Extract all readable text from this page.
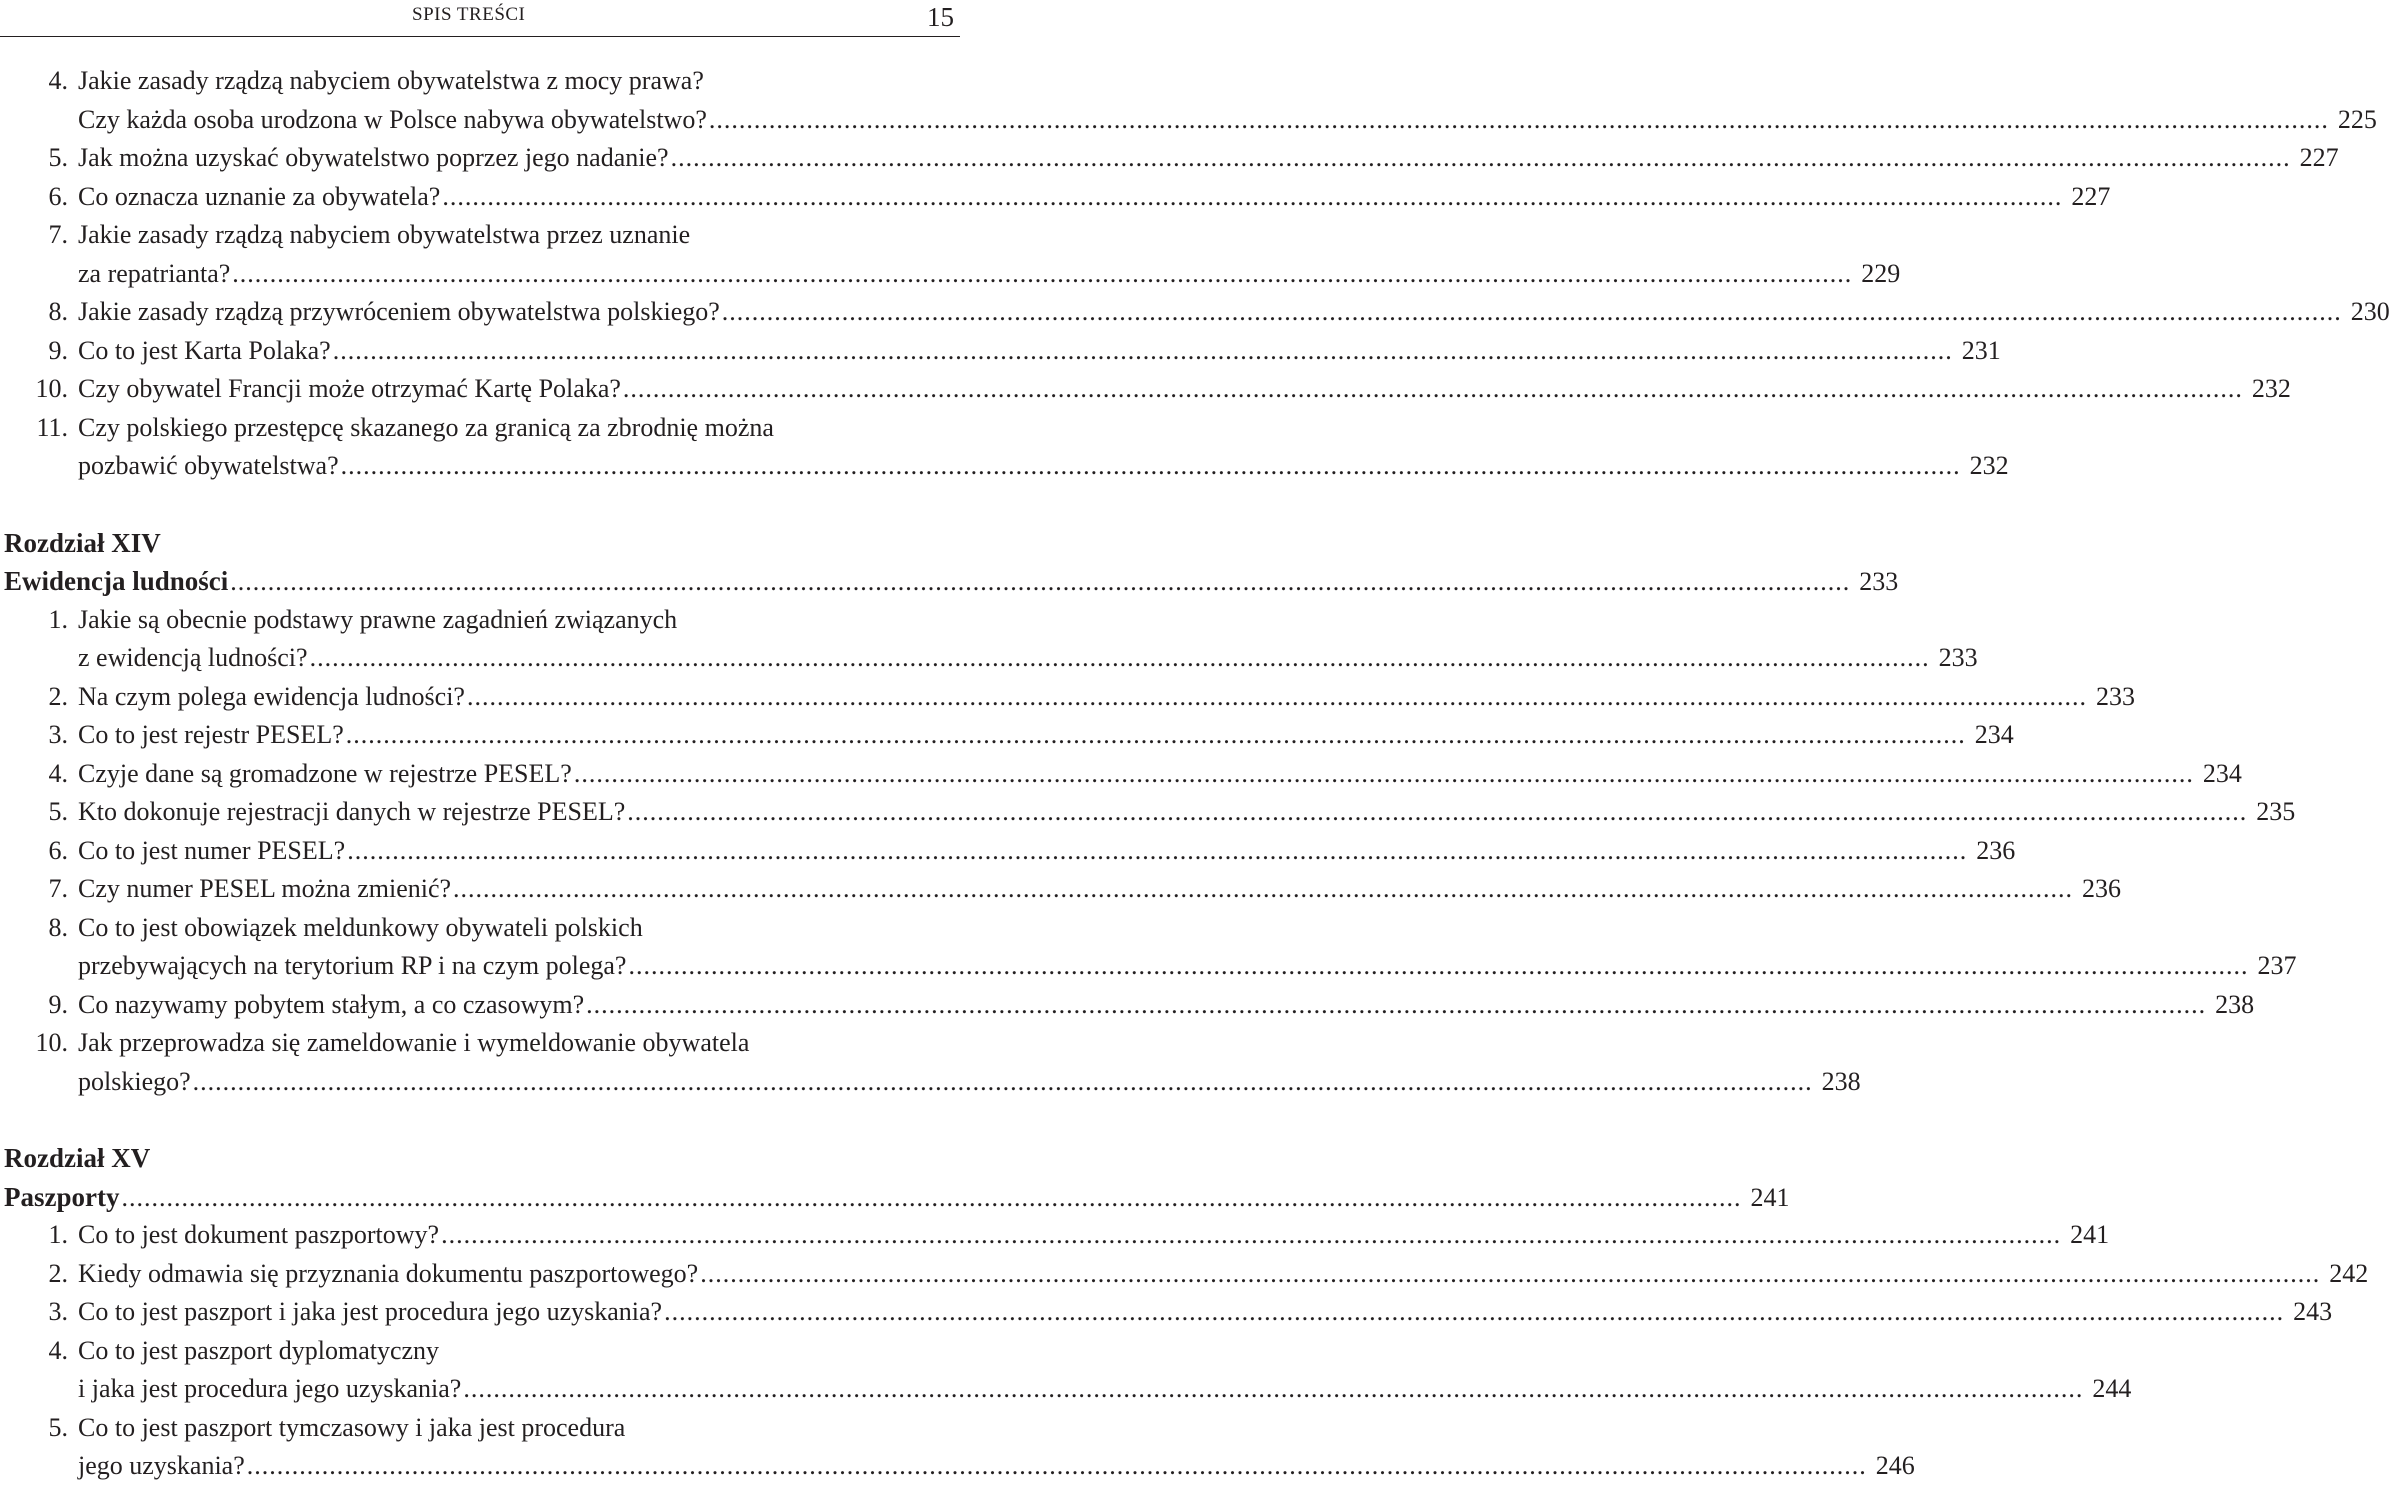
SPIS TREŚCI	15
4. Jakie zasady rządzą nabyciem obywatelstwa z mocy prawa?
Czy każda osoba urodzona w Polsce nabywa obywatelstwo? .....	225
5. Jak można uzyskać obywatelstwo poprzez jego nadanie? .....	227
6. Co oznacza uznanie za obywatela? .....	227
7. Jakie zasady rządzą nabyciem obywatelstwa przez uznanie
za repatrianta? .....	229
8. Jakie zasady rządzą przywróceniem obywatelstwa polskiego? .....	230
9. Co to jest Karta Polaka? .....	231
10. Czy obywatel Francji może otrzymać Kartę Polaka? .....	232
11. Czy polskiego przestępcę skazanego za granicą za zbrodnię można
pozbawić obywatelstwa? .....	232
Rozdział XIV
Ewidencja ludności .....	233
1. Jakie są obecnie podstawy prawne zagadnień związanych
z ewidencją ludności? .....	233
2. Na czym polega ewidencja ludności? .....	233
3. Co to jest rejestr PESEL? .....	234
4. Czyje dane są gromadzone w rejestrze PESEL? .....	234
5. Kto dokonuje rejestracji danych w rejestrze PESEL? .....	235
6. Co to jest numer PESEL? .....	236
7. Czy numer PESEL można zmienić? .....	236
8. Co to jest obowiązek meldunkowy obywateli polskich
przebywających na terytorium RP i na czym polega? .....	237
9. Co nazywamy pobytem stałym, a co czasowym? .....	238
10. Jak przeprowadza się zameldowanie i wymeldowanie obywatela
polskiego? .....	238
Rozdział XV
Paszporty .....	241
1. Co to jest dokument paszportowy? .....	241
2. Kiedy odmawia się przyznania dokumentu paszportowego? .....	242
3. Co to jest paszport i jaka jest procedura jego uzyskania? .....	243
4. Co to jest paszport dyplomatyczny
i jaka jest procedura jego uzyskania? .....	244
5. Co to jest paszport tymczasowy i jaka jest procedura
jego uzyskania? .....	246
